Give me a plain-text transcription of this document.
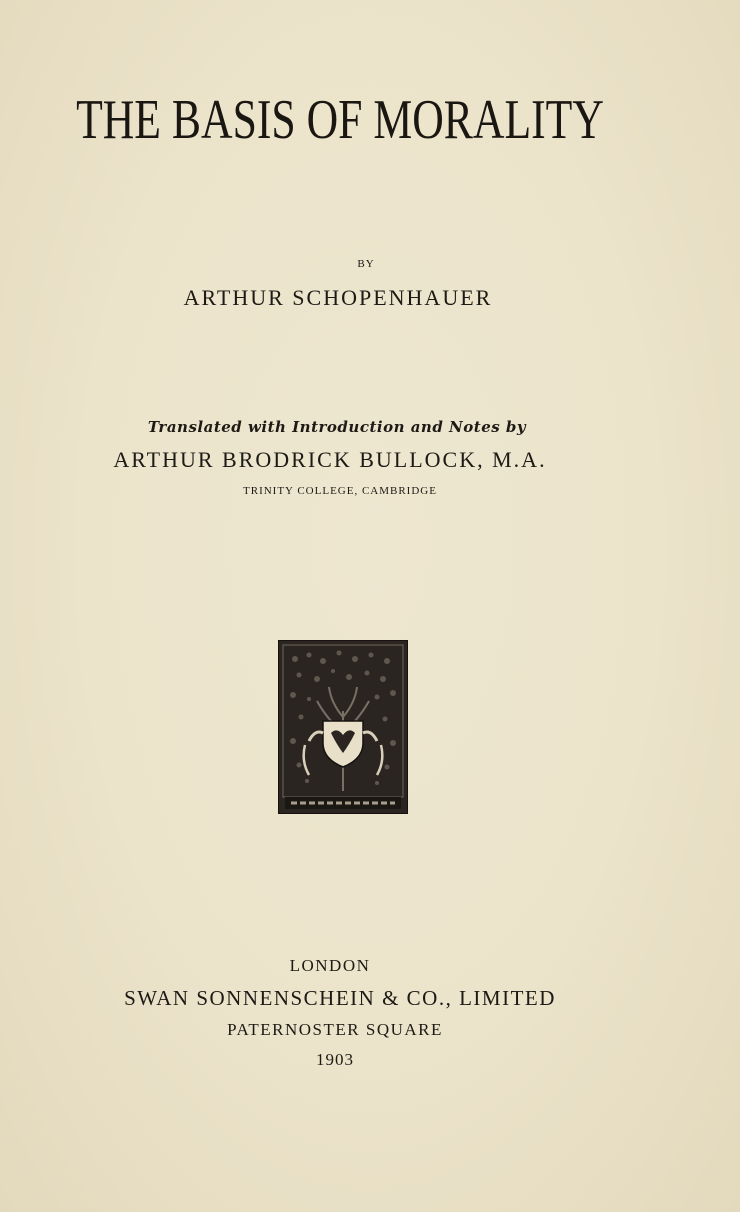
THE BASIS OF MORALITY
BY
ARTHUR SCHOPENHAUER
Translated with Introduction and Notes by
ARTHUR BRODRICK BULLOCK, M.A.
TRINITY COLLEGE, CAMBRIDGE
LONDON
SWAN SONNENSCHEIN & CO., LIMITED
PATERNOSTER SQUARE
1903
